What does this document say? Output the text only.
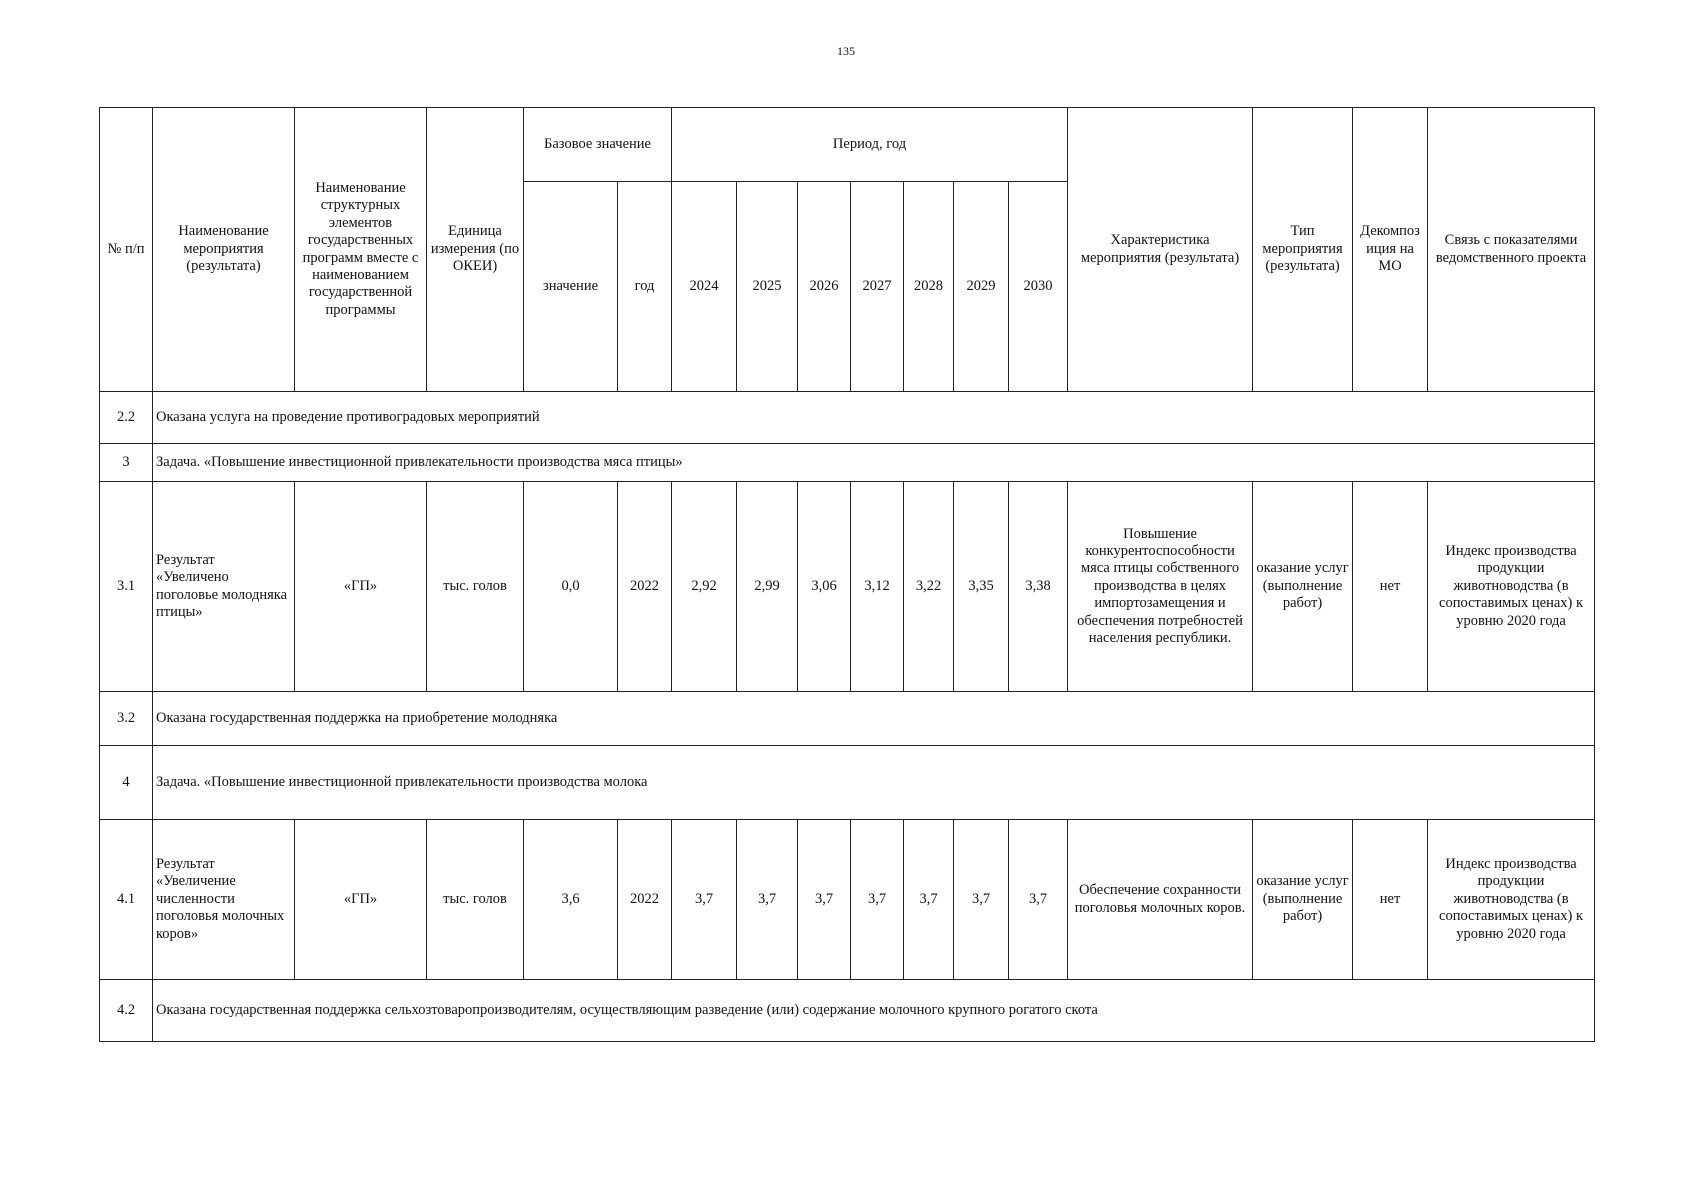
135
№ п/п	Наименование мероприятия (результата)	Наименование структурных элементов государственных программ вместе с наименованием государственной программы	Единица измерения (по ОКЕИ)	Базовое значение		Период, год							Характеристика мероприятия (результата)	Тип мероприятия (результата)	Декомпоз иция на МО	Связь с показателями ведомственного проекта
				значение	год	2024	2025	2026	2027	2028	2029	2030				
2.2	Оказана услуга на проведение противоградовых мероприятий															
3	Задача. «Повышение инвестиционной привлекательности производства мяса птицы»															
3.1	Результат «Увеличено поголовье молодняка птицы»	«ГП»	тыс. голов	0,0	2022	2,92	2,99	3,06	3,12	3,22	3,35	3,38	Повышение конкурентоспособности мяса птицы собственного производства в целях импортозамещения и обеспечения потребностей населения республики.	оказание услуг (выполнение работ)	нет	Индекс производства продукции животноводства (в сопоставимых ценах) к уровню 2020 года
3.2	Оказана государственная поддержка на приобретение молодняка															
4	Задача. «Повышение инвестиционной привлекательности производства молока															
4.1	Результат «Увеличение численности поголовья молочных коров»	«ГП»	тыс. голов	3,6	2022	3,7	3,7	3,7	3,7	3,7	3,7	3,7	Обеспечение сохранности поголовья молочных коров.	оказание услуг (выполнение работ)	нет	Индекс производства продукции животноводства (в сопоставимых ценах) к уровню 2020 года
4.2	Оказана государственная поддержка сельхозтоваропроизводителям, осуществляющим разведение (или) содержание молочного крупного рогатого скота															
